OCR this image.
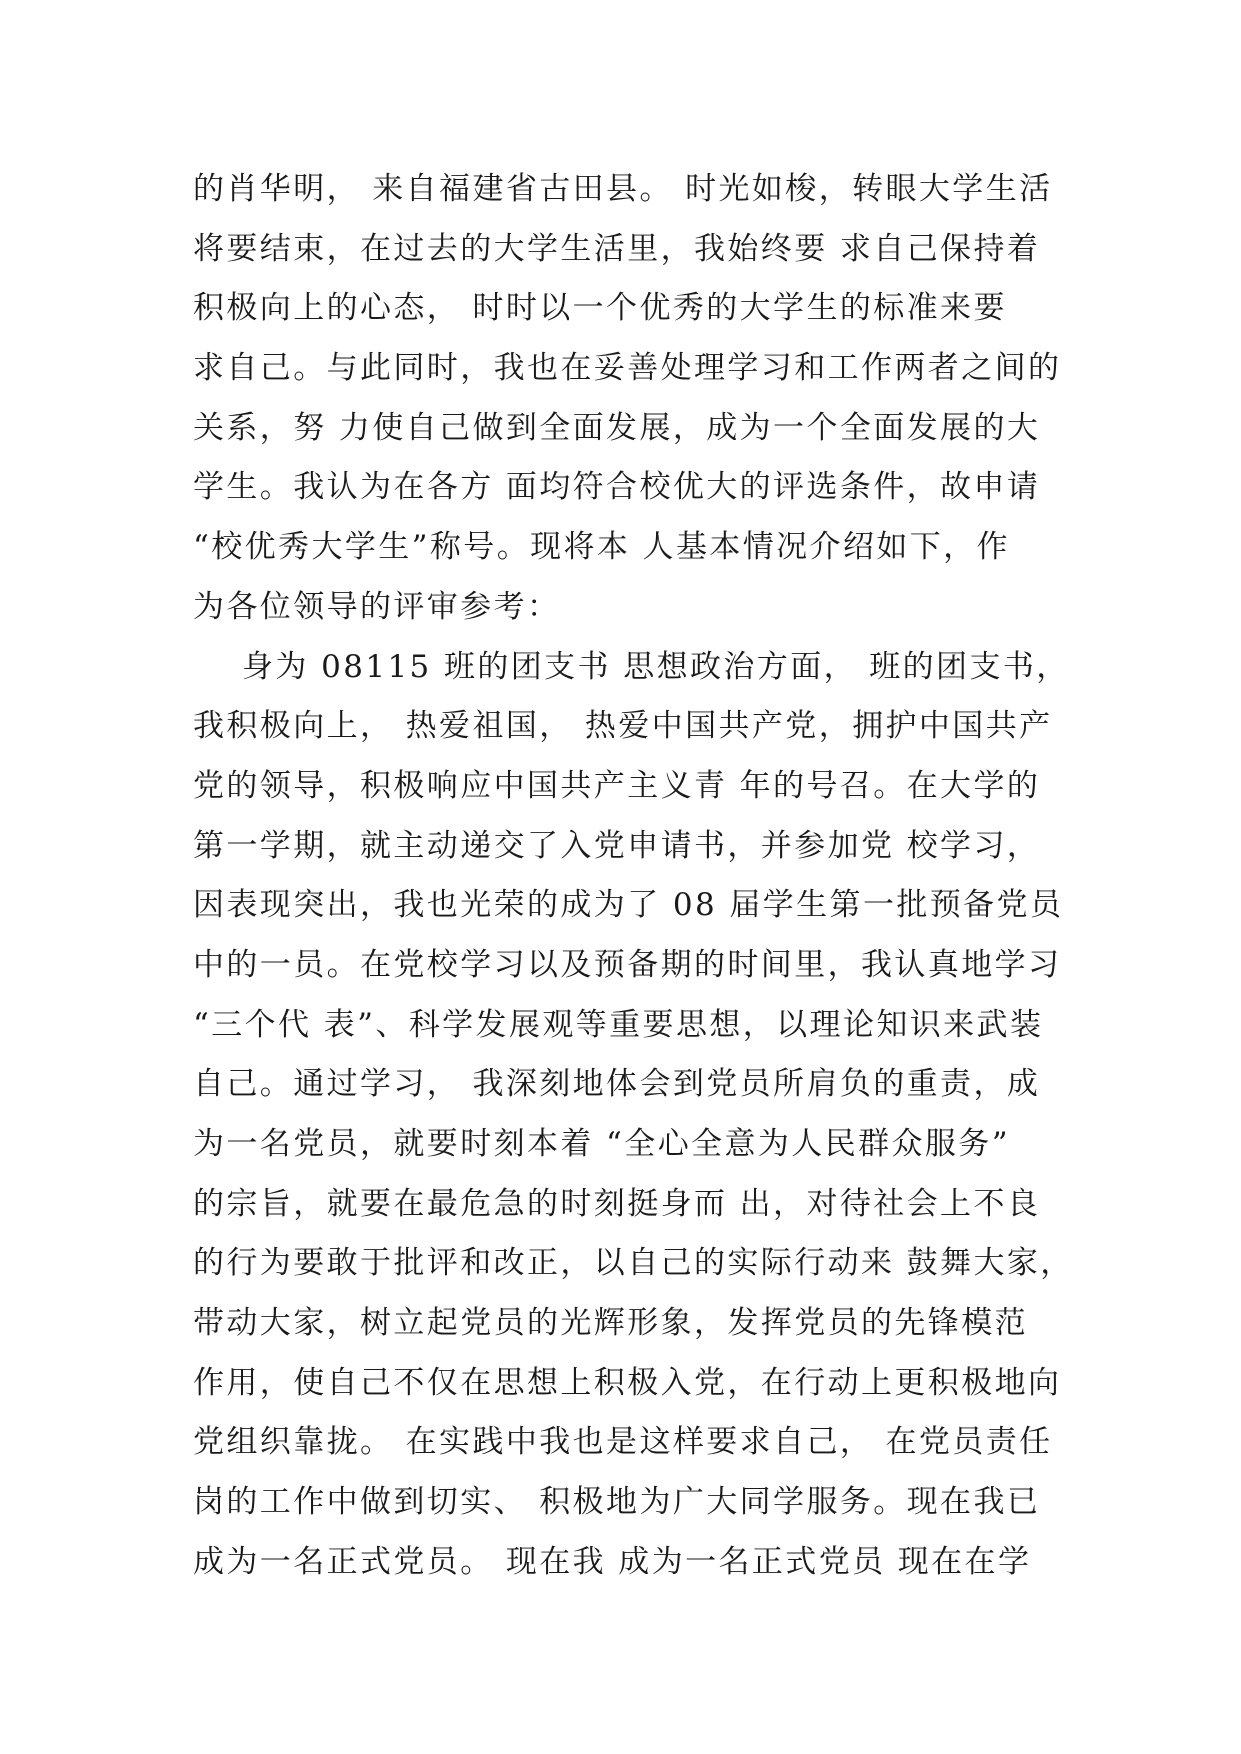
的肖华明， 来自福建省古田县。 时光如梭，转眼大学生活
将要结束，在过去的大学生活里，我始终要 求自己保持着
积极向上的心态， 时时以一个优秀的大学生的标准来要
求自己。与此同时，我也在妥善处理学习和工作两者之间的
关系，努 力使自己做到全面发展，成为一个全面发展的大
学生。我认为在各方 面均符合校优大的评选条件，故申请
“校优秀大学生”称号。现将本 人基本情况介绍如下，作
为各位领导的评审参考：
身为 08115 班的团支书 思想政治方面， 班的团支书，
我积极向上， 热爱祖国， 热爱中国共产党，拥护中国共产
党的领导，积极响应中国共产主义青 年的号召。在大学的
第一学期，就主动递交了入党申请书，并参加党 校学习，
因表现突出，我也光荣的成为了 08 届学生第一批预备党员
中的一员。在党校学习以及预备期的时间里，我认真地学习
“三个代 表”、科学发展观等重要思想，以理论知识来武装
自己。通过学习， 我深刻地体会到党员所肩负的重责，成
为一名党员，就要时刻本着 “全心全意为人民群众服务”
的宗旨，就要在最危急的时刻挺身而 出，对待社会上不良
的行为要敢于批评和改正，以自己的实际行动来 鼓舞大家，
带动大家，树立起党员的光辉形象，发挥党员的先锋模范
作用，使自己不仅在思想上积极入党，在行动上更积极地向
党组织靠拢。 在实践中我也是这样要求自己， 在党员责任
岗的工作中做到切实、 积极地为广大同学服务。现在我已
成为一名正式党员。 现在我 成为一名正式党员 现在在学
